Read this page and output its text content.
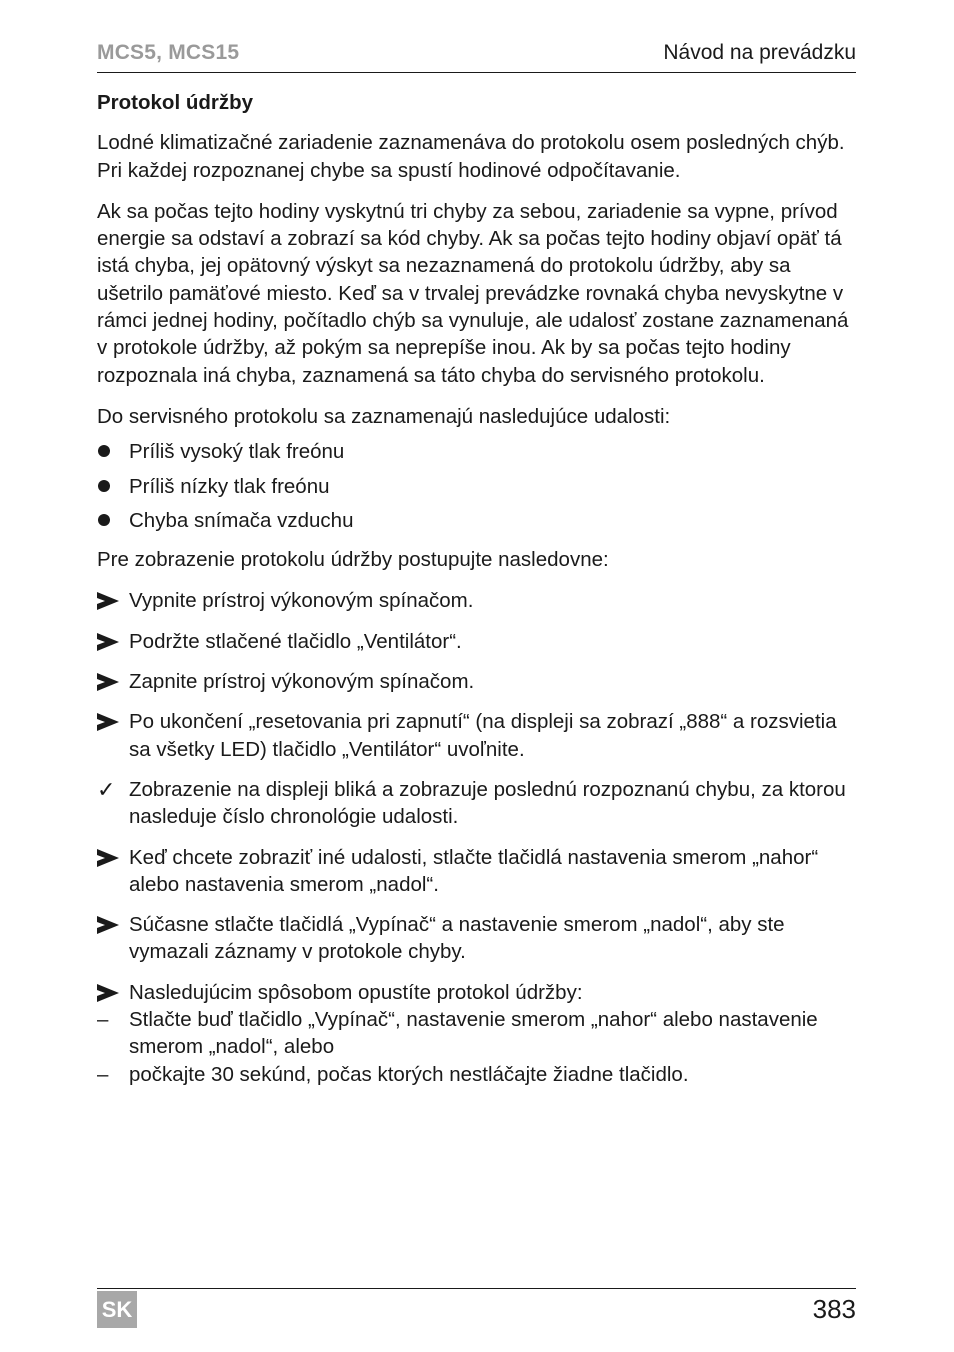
MCS5, MCS15	Návod na prevádzku
Protokol údržby

Lodné klimatizačné zariadenie zaznamenáva do protokolu osem posledných chýb. Pri každej rozpoznanej chybe sa spustí hodinové odpočítavanie.

Ak sa počas tejto hodiny vyskytnú tri chyby za sebou, zariadenie sa vypne, prívod energie sa odstaví a zobrazí sa kód chyby. Ak sa počas tejto hodiny objaví opäť tá istá chyba, jej opätovný výskyt sa nezaznamená do protokolu údržby, aby sa ušetrilo pamäťové miesto. Keď sa v trvalej prevádzke rovnaká chyba nevyskytne v rámci jednej hodiny, počítadlo chýb sa vynuluje, ale udalosť zostane zaznamenaná v protokole údržby, až pokým sa neprepíše inou. Ak by sa počas tejto hodiny rozpoznala iná chyba, zaznamená sa táto chyba do servisného protokolu.

Do servisného protokolu sa zaznamenajú nasledujúce udalosti:

Príliš vysoký tlak freónu
Príliš nízky tlak freónu
Chyba snímača vzduchu

Pre zobrazenie protokolu údržby postupujte nasledovne:

Vypnite prístroj výkonovým spínačom.
Podržte stlačené tlačidlo „Ventilátor“.
Zapnite prístroj výkonovým spínačom.
Po ukončení „resetovania pri zapnutí“ (na displeji sa zobrazí „888“ a rozsvietia sa všetky LED) tlačidlo „Ventilátor“ uvoľnite.
✓ Zobrazenie na displeji bliká a zobrazuje poslednú rozpoznanú chybu, za ktorou nasleduje číslo chronológie udalosti.
Keď chcete zobraziť iné udalosti, stlačte tlačidlá nastavenia smerom „nahor“ alebo nastavenia smerom „nadol“.
Súčasne stlačte tlačidlá „Vypínač“ a nastavenie smerom „nadol“, aby ste vymazali záznamy v protokole chyby.
Nasledujúcim spôsobom opustíte protokol údržby:
– Stlačte buď tlačidlo „Vypínač“, nastavenie smerom „nahor“ alebo nastavenie smerom „nadol“, alebo
– počkajte 30 sekúnd, počas ktorých nestláčajte žiadne tlačidlo.
SK	383
